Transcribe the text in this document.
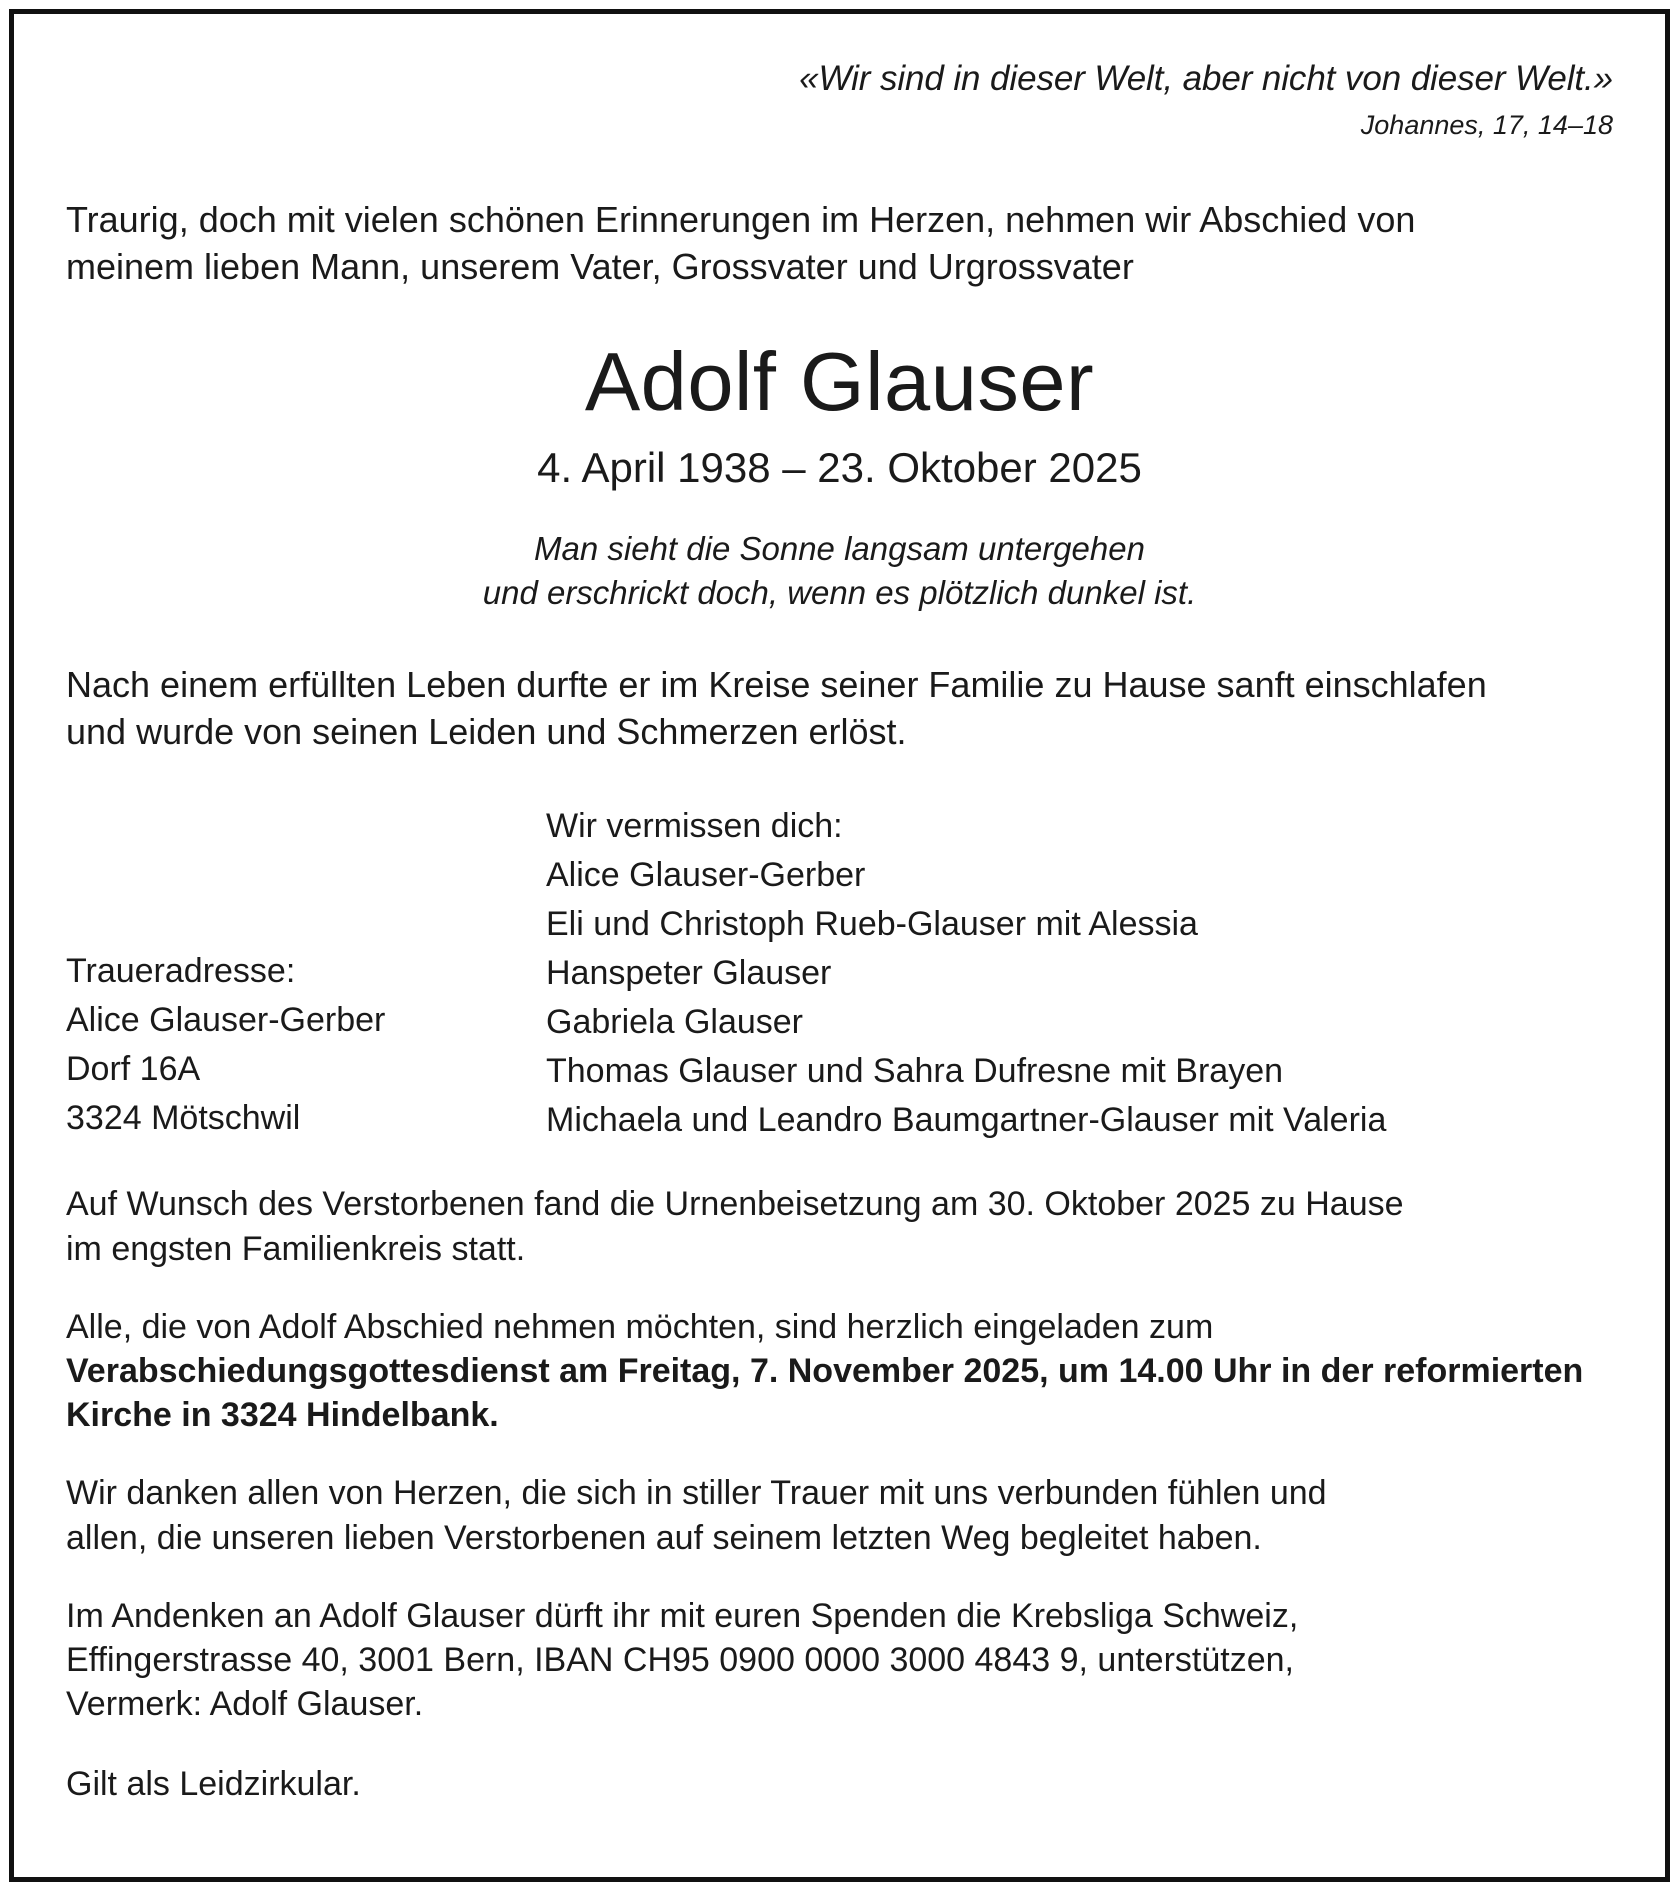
«Wir sind in dieser Welt, aber nicht von dieser Welt.»
Johannes, 17, 14–18
Traurig, doch mit vielen schönen Erinnerungen im Herzen, nehmen wir Abschied von
meinem lieben Mann, unserem Vater, Grossvater und Urgrossvater
Adolf Glauser
4. April 1938 – 23. Oktober 2025
Man sieht die Sonne langsam untergehen
und erschrickt doch, wenn es plötzlich dunkel ist.
Nach einem erfüllten Leben durfte er im Kreise seiner Familie zu Hause sanft einschlafen
und wurde von seinen Leiden und Schmerzen erlöst.
Traueradresse:
Alice Glauser-Gerber
Dorf 16A
3324 Mötschwil
Wir vermissen dich:
Alice Glauser-Gerber
Eli und Christoph Rueb-Glauser mit Alessia
Hanspeter Glauser
Gabriela Glauser
Thomas Glauser und Sahra Dufresne mit Brayen
Michaela und Leandro Baumgartner-Glauser mit Valeria
Auf Wunsch des Verstorbenen fand die Urnenbeisetzung am 30. Oktober 2025 zu Hause
im engsten Familienkreis statt.
Alle, die von Adolf Abschied nehmen möchten, sind herzlich eingeladen zum Verabschiedungsgottesdienst am Freitag, 7. November 2025, um 14.00 Uhr in der reformierten Kirche in 3324 Hindelbank.
Wir danken allen von Herzen, die sich in stiller Trauer mit uns verbunden fühlen und
allen, die unseren lieben Verstorbenen auf seinem letzten Weg begleitet haben.
Im Andenken an Adolf Glauser dürft ihr mit euren Spenden die Krebsliga Schweiz,
Effingerstrasse 40, 3001 Bern, IBAN CH95 0900 0000 3000 4843 9, unterstützen,
Vermerk: Adolf Glauser.
Gilt als Leidzirkular.
